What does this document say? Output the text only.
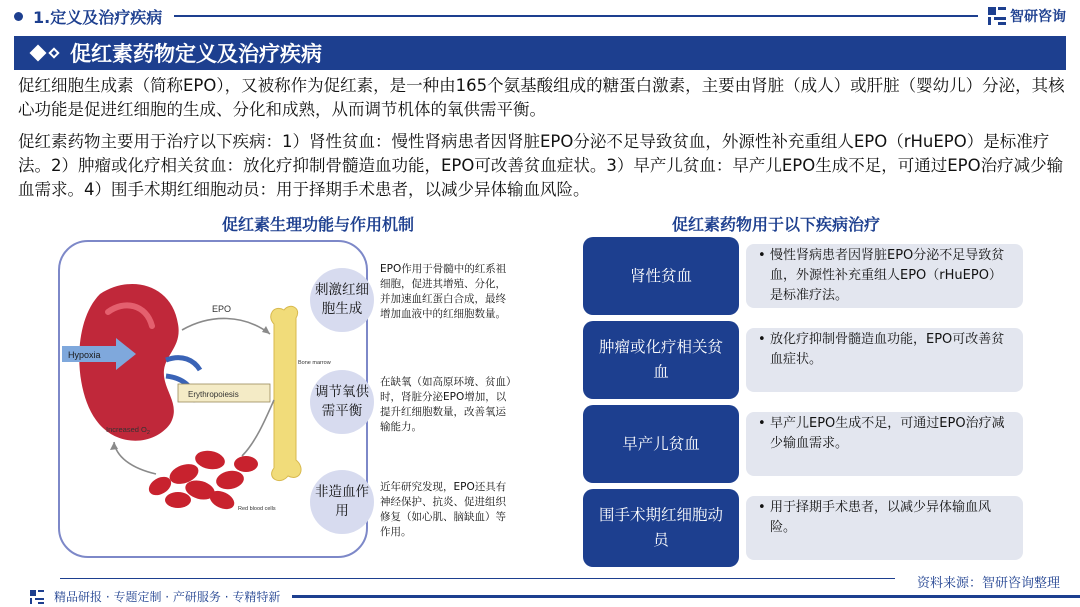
1.定义及治疗疾病	智研咨询
促红素药物定义及治疗疾病

促红细胞生成素（简称EPO），又被称作为促红素，是一种由165个氨基酸组成的糖蛋白激素，主要由肾脏（成人）或肝脏（婴幼儿）分泌，其核心功能是促进红细胞的生成、分化和成熟，从而调节机体的氧供需平衡。

促红素药物主要用于治疗以下疾病：1）肾性贫血：慢性肾病患者因肾脏EPO分泌不足导致贫血，外源性补充重组人EPO（rHuEPO）是标准疗法。2）肿瘤或化疗相关贫血：放化疗抑制骨髓造血功能，EPO可改善贫血症状。3）早产儿贫血：早产儿EPO生成不足，可通过EPO治疗减少输血需求。4）围手术期红细胞动员：用于择期手术患者，以减少异体输血风险。

促红素生理功能与作用机制	促红素药物用于以下疾病治疗
Hypoxia
EPO
Bone marrow
Erythropoiesis
Red blood cells
Increased $O_2$
刺激红细胞生成
EPO作用于骨髓中的红系祖细胞，促进其增殖、分化，并加速血红蛋白合成，最终增加血液中的红细胞数量。
调节氧供需平衡
在缺氧（如高原环境、贫血）时，肾脏分泌EPO增加，以提升红细胞数量，改善氧运输能力。
非造血作用
近年研究发现，EPO还具有神经保护、抗炎、促进组织修复（如心肌、脑缺血）等作用。
肾性贫血
• 慢性肾病患者因肾脏EPO分泌不足导致贫血，外源性补充重组人EPO（rHuEPO）是标准疗法。
肿瘤或化疗相关贫血
• 放化疗抑制骨髓造血功能，EPO可改善贫血症状。
早产儿贫血
• 早产儿EPO生成不足，可通过EPO治疗减少输血需求。
围手术期红细胞动员
• 用于择期手术患者，以减少异体输血风险。
资料来源：智研咨询整理
精品研报 · 专题定制 · 产研服务 · 专精特新
